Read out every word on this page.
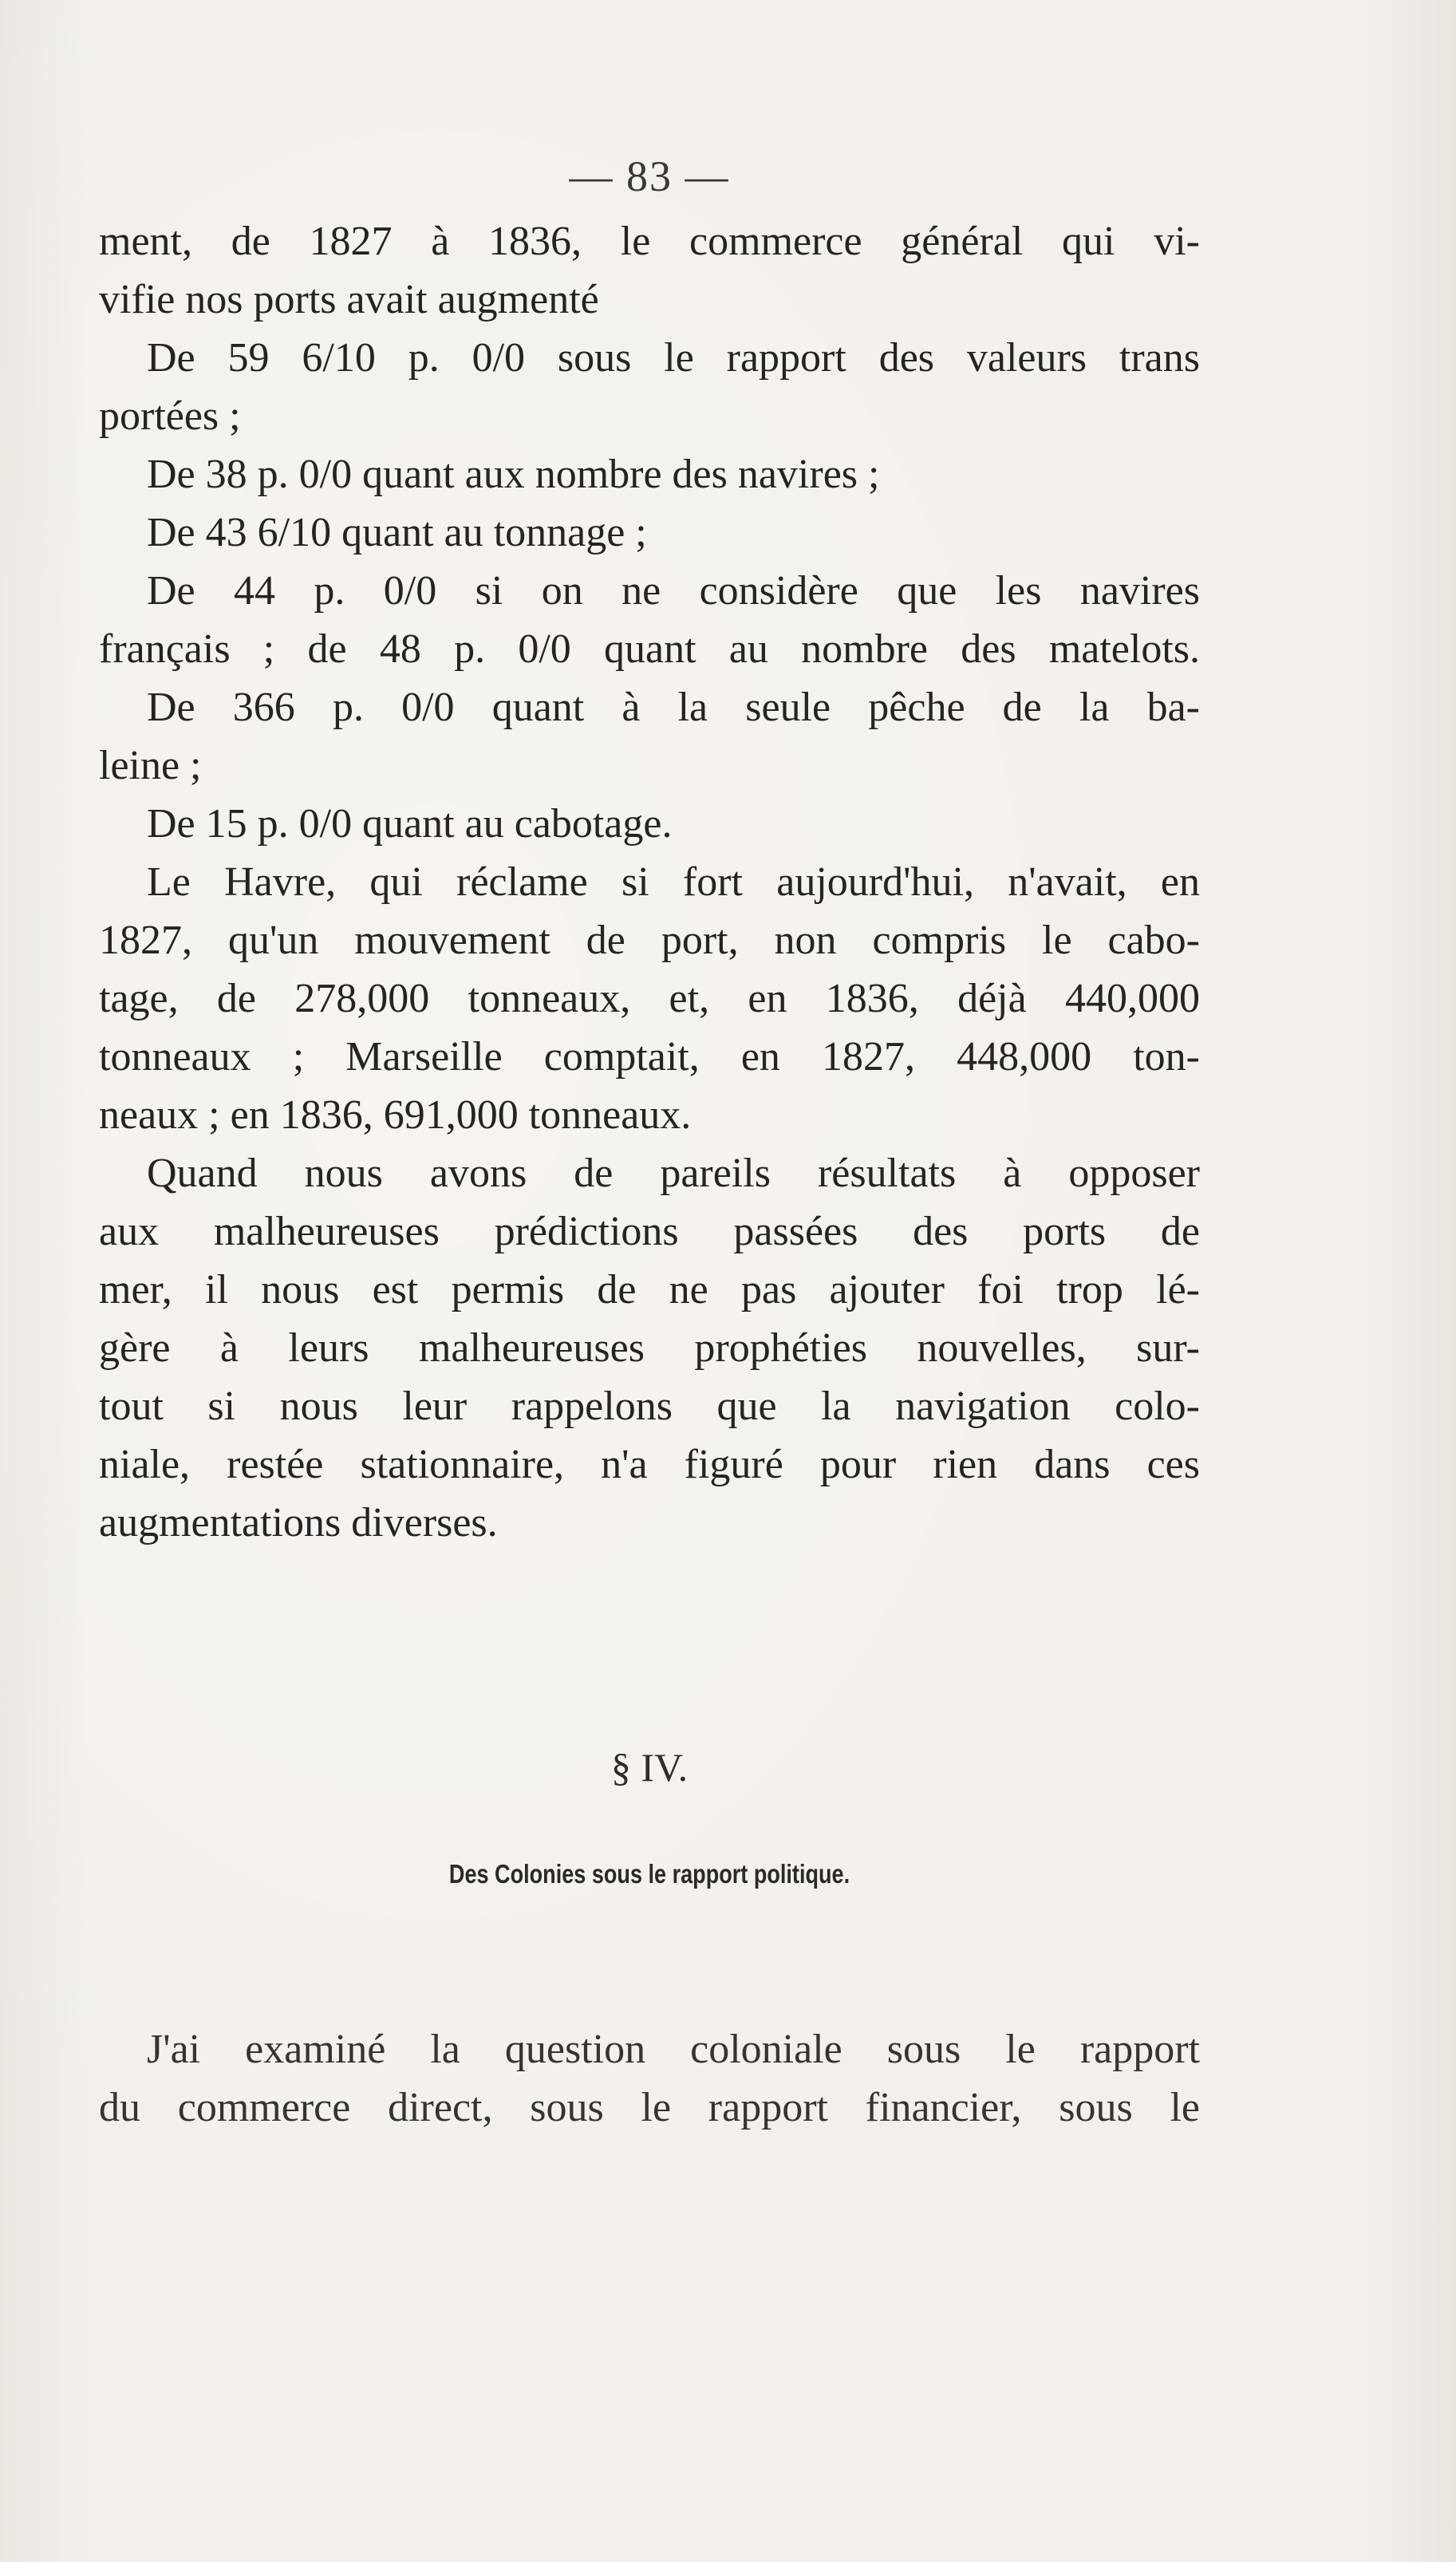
— 83 —
ment, de 1827 à 1836, le commerce général qui vi-
vifie nos ports avait augmenté
De 59 6/10 p. 0/0 sous le rapport des valeurs trans
portées ;
De 38 p. 0/0 quant aux nombre des navires ;
De 43 6/10 quant au tonnage ;
De 44 p. 0/0 si on ne considère que les navires
français ; de 48 p. 0/0 quant au nombre des matelots.
De 366 p. 0/0 quant à la seule pêche de la ba-
leine ;
De 15 p. 0/0 quant au cabotage.
Le Havre, qui réclame si fort aujourd'hui, n'avait, en
1827, qu'un mouvement de port, non compris le cabo-
tage, de 278,000 tonneaux, et, en 1836, déjà 440,000
tonneaux ; Marseille comptait, en 1827, 448,000 ton-
neaux ; en 1836, 691,000 tonneaux.
Quand nous avons de pareils résultats à opposer
aux malheureuses prédictions passées des ports de
mer, il nous est permis de ne pas ajouter foi trop lé-
gère à leurs malheureuses prophéties nouvelles, sur-
tout si nous leur rappelons que la navigation colo-
niale, restée stationnaire, n'a figuré pour rien dans ces
augmentations diverses.
§ IV.
Des Colonies sous le rapport politique.
J'ai examiné la question coloniale sous le rapport
du commerce direct, sous le rapport financier, sous le
